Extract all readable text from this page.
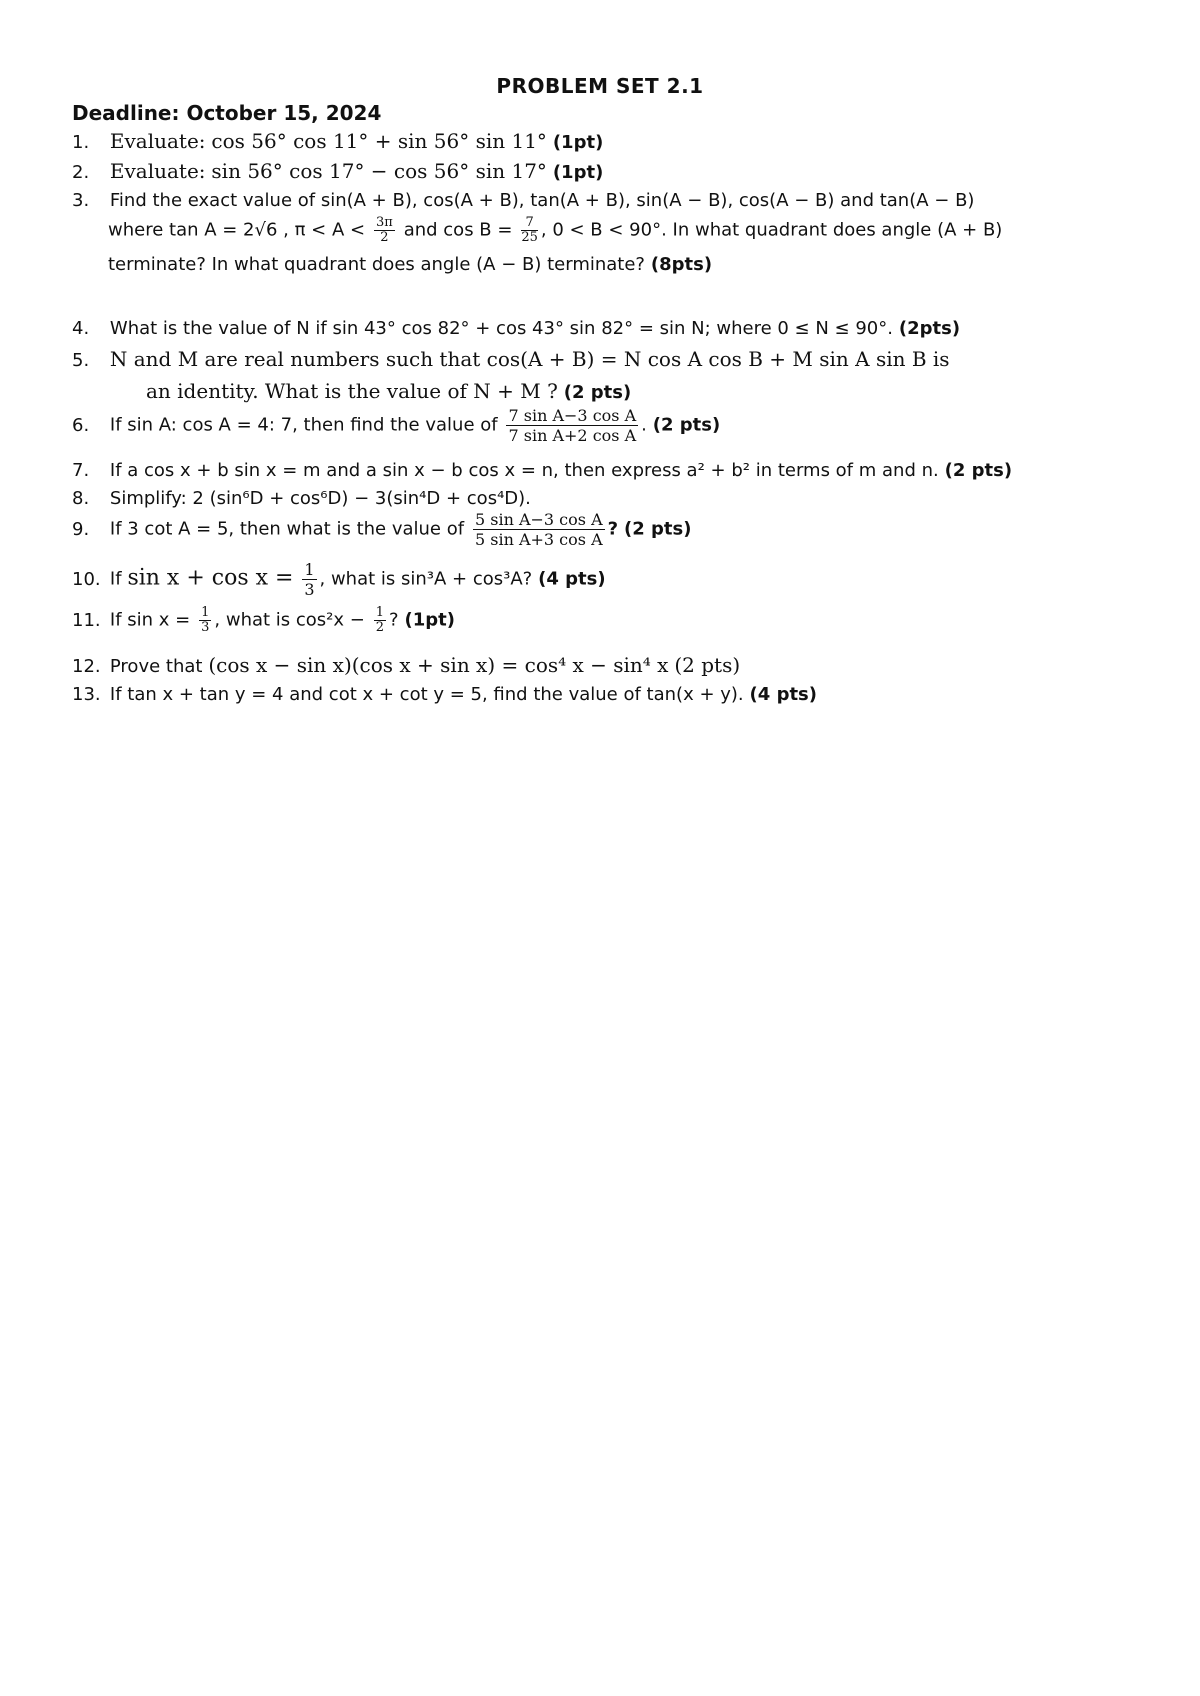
PROBLEM SET 2.1
Deadline: October 15, 2024
1. Evaluate: cos 56° cos 11° + sin 56° sin 11° (1pt)
2. Evaluate: sin 56° cos 17° − cos 56° sin 17° (1pt)
3. Find the exact value of sin(A + B), cos(A + B), tan(A + B), sin(A − B), cos(A − B) and tan(A − B)
where tan A = 2√6 , $\pi < A < \frac{3\pi}{2}$ and $\cos B = \frac{7}{25}$ , 0 < B < 90°. In what quadrant does angle (A + B)
terminate? In what quadrant does angle (A − B) terminate? (8pts)
4. What is the value of N if sin 43° cos 82° + cos 43° sin 82° = sin N; where 0 ≤ N ≤ 90°. (2pts)
5. N and M are real numbers such that cos(A + B) = N cos A cos B + M sin A sin B is
an identity. What is the value of N + M ? (2 pts)
6. If sin A: cos A = 4: 7, then find the value of $\frac{\text{7 sin A−3 cos A}}{\text{7 sin A+2 cos A}}$ . (2 pts)
7. If a cos x + b sin x = m and a sin x − b cos x = n, then express a² + b² in terms of m and n. (2 pts)
8. Simplify: 2 (sin⁶D + cos⁶D) − 3(sin⁴D + cos⁴D).
9. If 3 cot A = 5, then what is the value of $\frac{\text{5 sin A−3 cos A}}{\text{5 sin A+3 cos A}}$ ? (2 pts)
10. If $\sin x + \cos x = \frac{1}{3}$ , what is sin³A + cos³A? (4 pts)
11. If $\sin x = \frac{1}{3}$ , what is $\cos^2x - \frac{1}{2}$ ? (1pt)
12. Prove that (cos x − sin x)(cos x + sin x) = cos⁴ x − sin⁴ x (2 pts)
13. If tan x + tan y = 4 and cot x + cot y = 5, find the value of tan(x + y). (4 pts)
